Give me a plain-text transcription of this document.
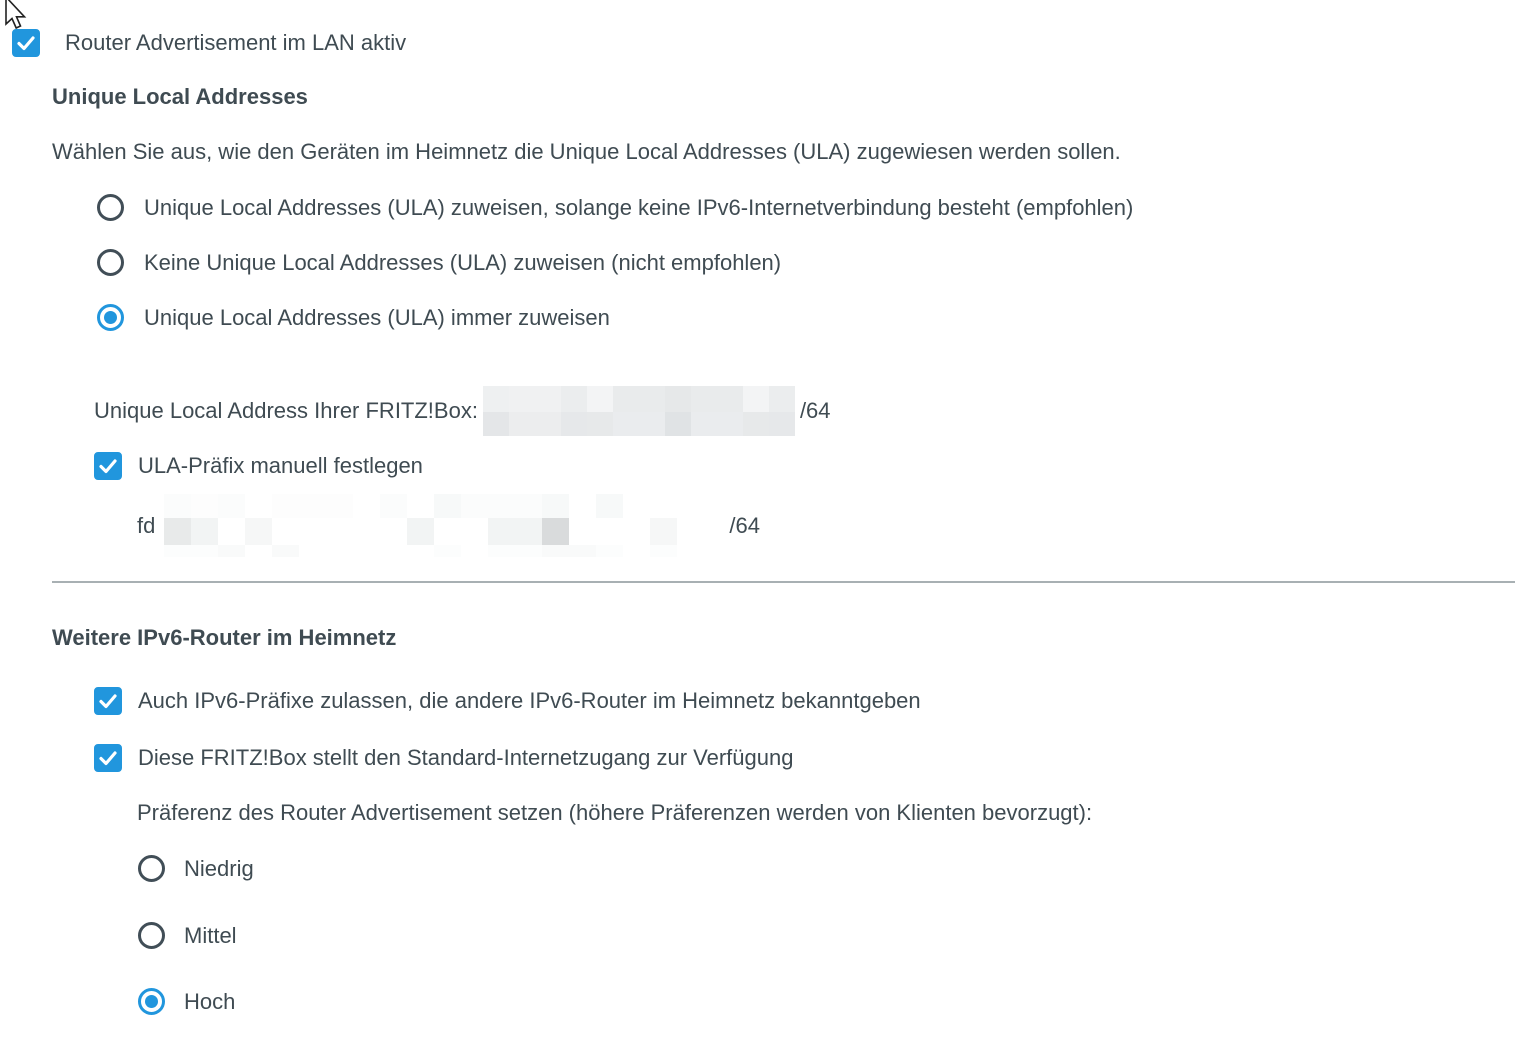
Router Advertisement im LAN aktiv
Unique Local Addresses
Wählen Sie aus, wie den Geräten im Heimnetz die Unique Local Addresses (ULA) zugewiesen werden sollen.
Unique Local Addresses (ULA) zuweisen, solange keine IPv6-Internetverbindung besteht (empfohlen)
Keine Unique Local Addresses (ULA) zuweisen (nicht empfohlen)
Unique Local Addresses (ULA) immer zuweisen
Unique Local Address Ihrer FRITZ!Box:	/64
ULA-Präfix manuell festlegen
fd	/64
Weitere IPv6-Router im Heimnetz
Auch IPv6-Präfixe zulassen, die andere IPv6-Router im Heimnetz bekanntgeben
Diese FRITZ!Box stellt den Standard-Internetzugang zur Verfügung
Präferenz des Router Advertisement setzen (höhere Präferenzen werden von Klienten bevorzugt):
Niedrig
Mittel
Hoch
